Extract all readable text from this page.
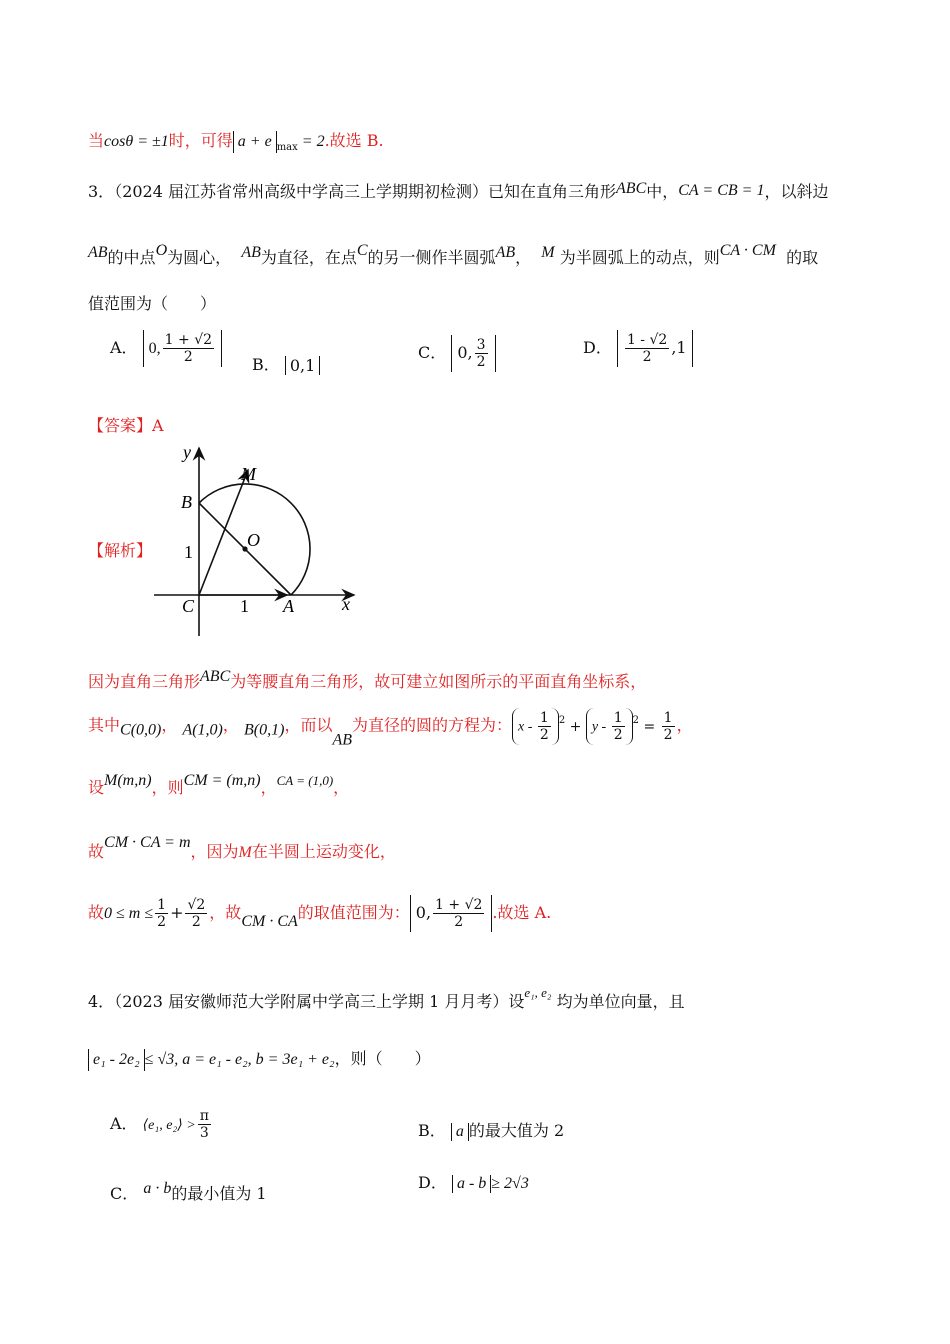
当cosθ = ±1时，可得 a + e $_{max}$ = 2.故选 B.
3．（2024 届江苏省常州高级中学高三上学期期初检测）已知在直角三角形ABC中，CA = CB = 1，以斜边
AB的中点O为圆心， AB为直径，在点C的另一侧作半圆弧AB， M 为半圆弧上的动点，则CA · CM 的取
值范围为（　　）
A． 0, $\frac{1 + √2}{2}$ B． 0,1
C． 0, $\frac{3}{2}$	D． $\frac{1 - √2}{2} ,1$
【答案】A
【解析】
y
x
M
B
O
1
C	1 A
因为直角三角形ABC为等腰直角三角形，故可建立如图所示的平面直角坐标系，
其中C(0,0)， A(1,0)， B(0,1)，而以AB为直径的圆的方程为： $x - \frac{1}{2} ^2 + y - \frac{1}{2} ^2 = \frac{1}{2}$ ，
设M(m,n)，则CM = (m,n)，$^{CA = (1,0)}$，
故CM · CA = m，因为M在半圆上运动变化，
故$0 \le m \le \frac{1}{2} + \frac{√2}{2}$ ，故CM · CA的取值范围为： 0, $\frac{1 + √2}{2}$ .故选 A.
4．（2023 届安徽师范大学附属中学高三上学期 1 月月考）设$^{e_1, e_2}$ 均为单位向量，且
e₁ - 2e₂ ≤ √3, a = e₁ - e₂, b = 3e₁ + e₂，则（　　）
A． ⟨e₁, e₂⟩ > $\frac{\pi}{3}$	B． a 的最大值为 2
C． a · b的最小值为 1
D． a - b ≥ 2√3
